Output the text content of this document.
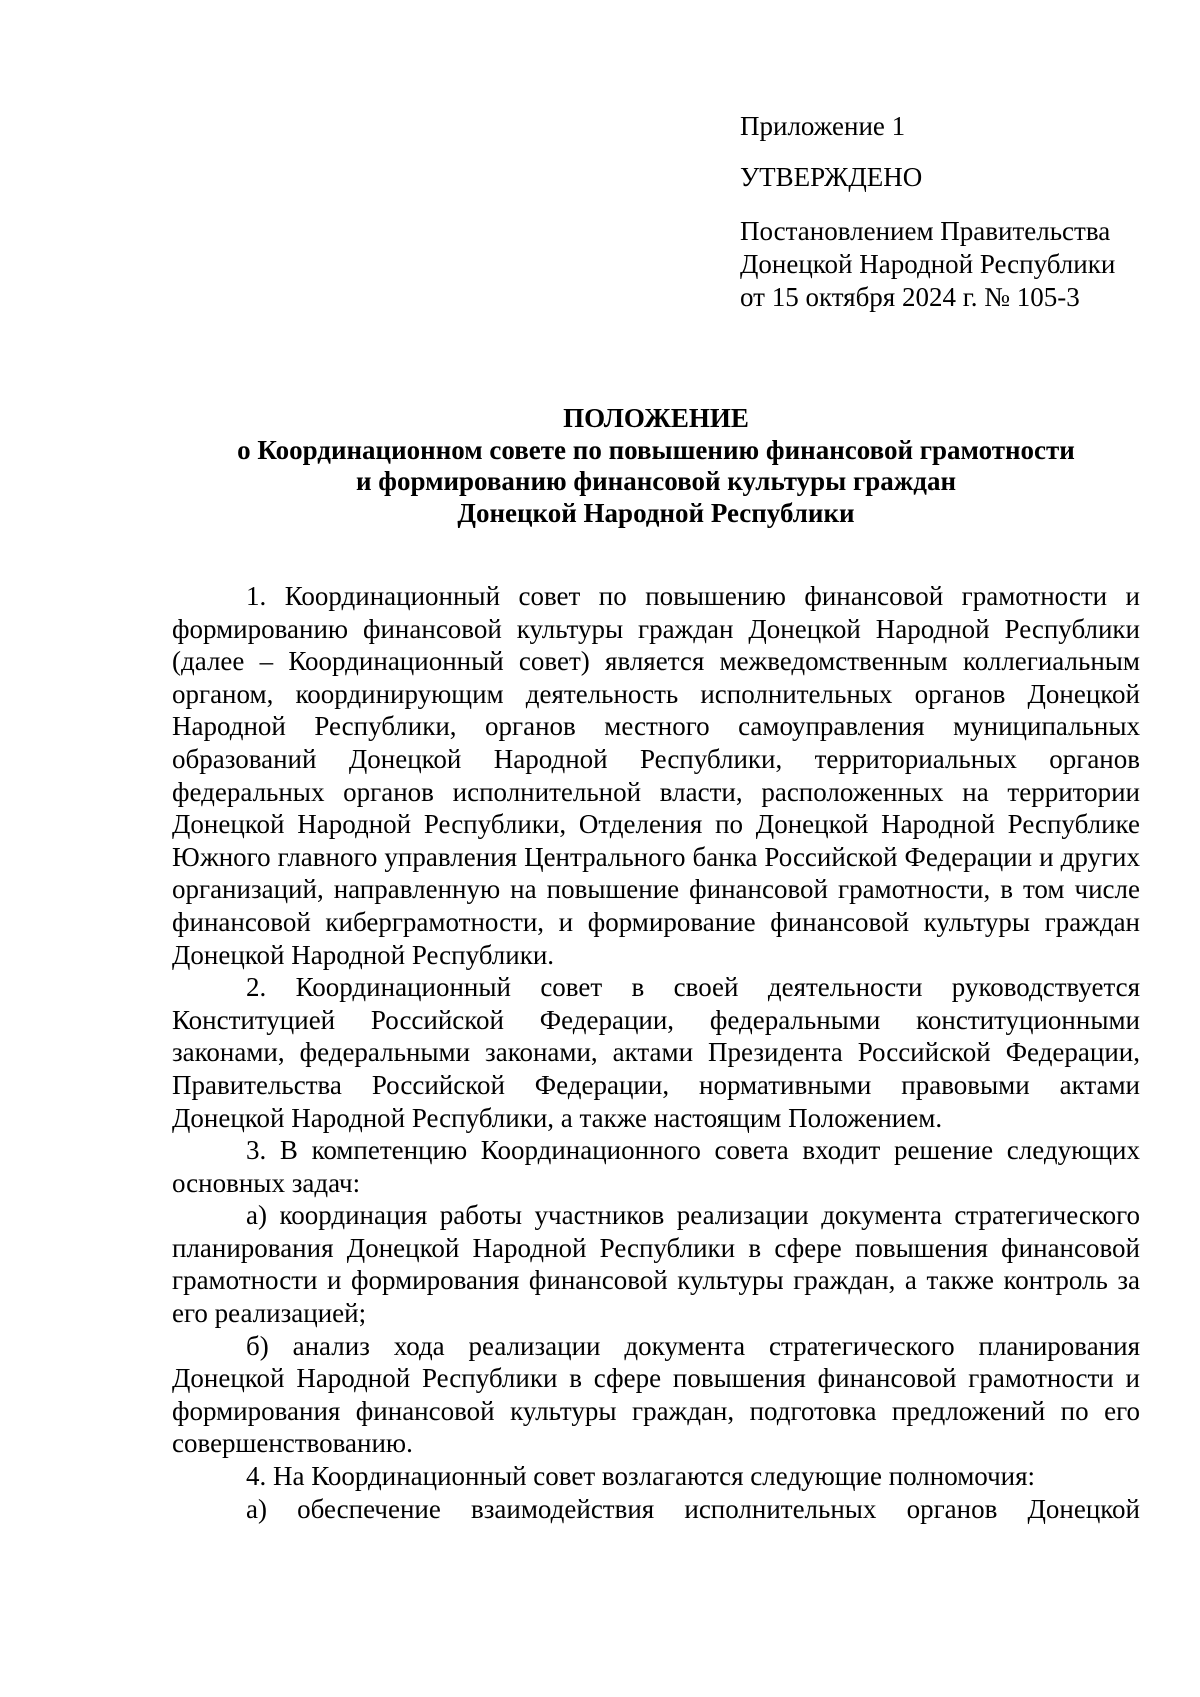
Приложение 1
УТВЕРЖДЕНО
Постановлением Правительства
Донецкой Народной Республики
от 15 октября 2024 г. № 105-3
ПОЛОЖЕНИЕ
о Координационном совете по повышению финансовой грамотности
и формированию финансовой культуры граждан
Донецкой Народной Республики

1. Координационный совет по повышению финансовой грамотности и формированию финансовой культуры граждан Донецкой Народной Республики (далее – Координационный совет) является межведомственным коллегиальным органом, координирующим деятельность исполнительных органов Донецкой Народной Республики, органов местного самоуправления муниципальных образований Донецкой Народной Республики, территориальных органов федеральных органов исполнительной власти, расположенных на территории Донецкой Народной Республики, Отделения по Донецкой Народной Республике Южного главного управления Центрального банка Российской Федерации и других организаций, направленную на повышение финансовой грамотности, в том числе финансовой киберграмотности, и формирование финансовой культуры граждан Донецкой Народной Республики.

2. Координационный совет в своей деятельности руководствуется Конституцией Российской Федерации, федеральными конституционными законами, федеральными законами, актами Президента Российской Федерации, Правительства Российской Федерации, нормативными правовыми актами Донецкой Народной Республики, а также настоящим Положением.

3. В компетенцию Координационного совета входит решение следующих основных задач:

а) координация работы участников реализации документа стратегического планирования Донецкой Народной Республики в сфере повышения финансовой грамотности и формирования финансовой культуры граждан, а также контроль за его реализацией;

б) анализ хода реализации документа стратегического планирования Донецкой Народной Республики в сфере повышения финансовой грамотности и формирования финансовой культуры граждан, подготовка предложений по его совершенствованию.

4. На Координационный совет возлагаются следующие полномочия:

а) обеспечение взаимодействия исполнительных органов Донецкой
